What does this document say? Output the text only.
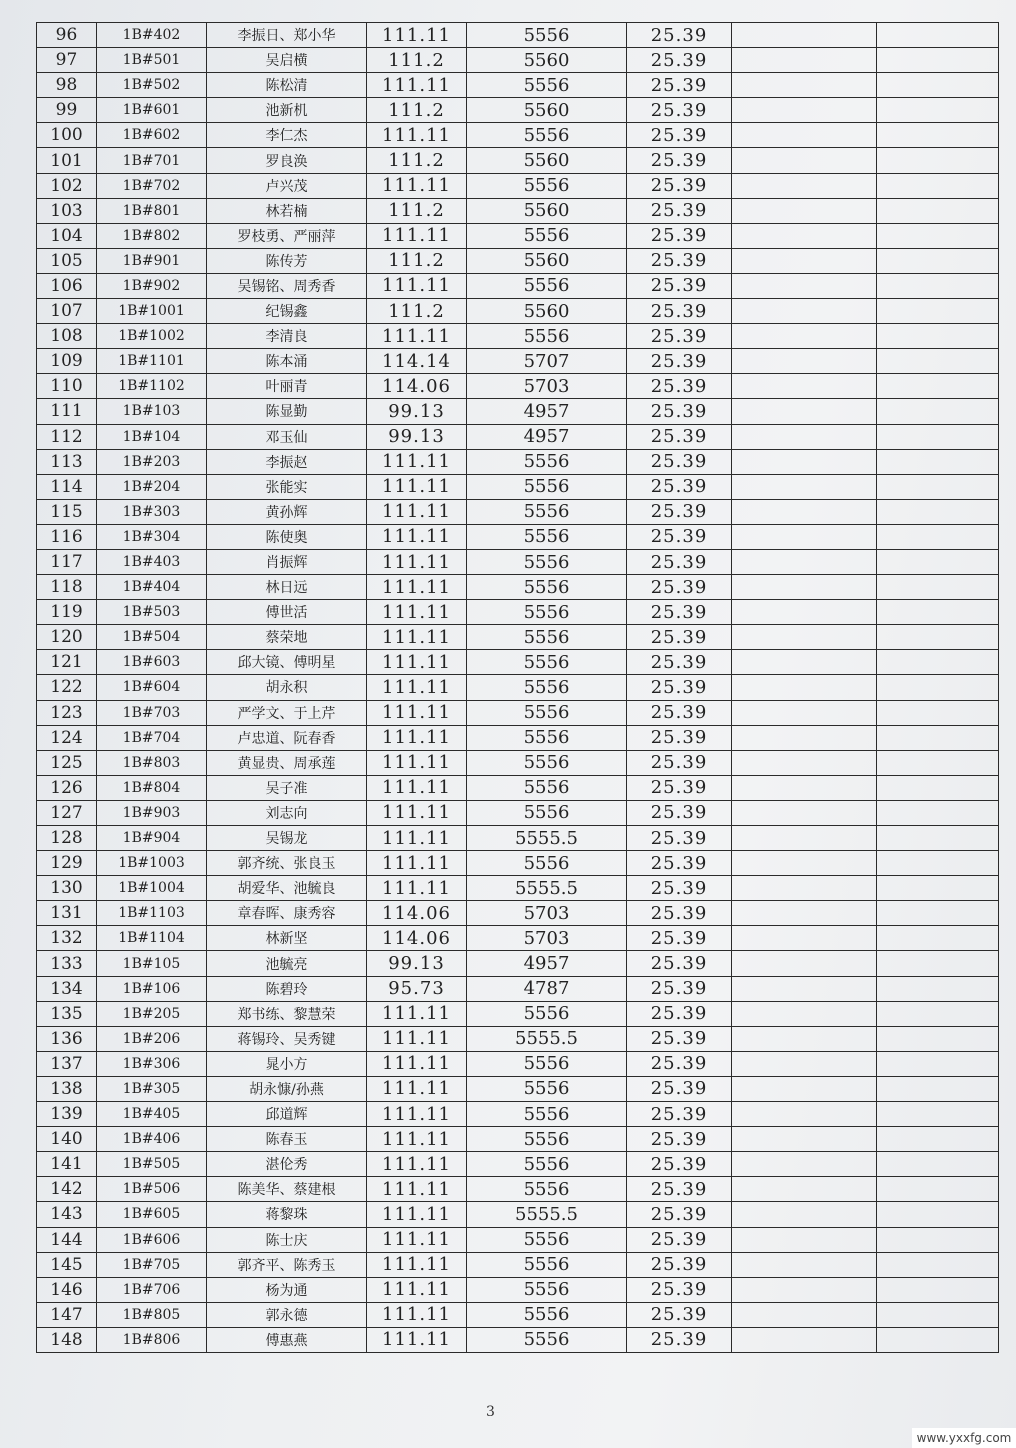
96	1B#402	李振日、郑小华	111.11	5556	25.39		
97	1B#501	吴启横	111.2	5560	25.39		
98	1B#502	陈松清	111.11	5556	25.39		
99	1B#601	池新机	111.2	5560	25.39		
100	1B#602	李仁杰	111.11	5556	25.39		
101	1B#701	罗良涣	111.2	5560	25.39		
102	1B#702	卢兴茂	111.11	5556	25.39		
103	1B#801	林若楠	111.2	5560	25.39		
104	1B#802	罗枝勇、严丽萍	111.11	5556	25.39		
105	1B#901	陈传芳	111.2	5560	25.39		
106	1B#902	吴锡铭、周秀香	111.11	5556	25.39		
107	1B#1001	纪锡鑫	111.2	5560	25.39		
108	1B#1002	李清良	111.11	5556	25.39		
109	1B#1101	陈本涌	114.14	5707	25.39		
110	1B#1102	叶丽青	114.06	5703	25.39		
111	1B#103	陈显勤	99.13	4957	25.39		
112	1B#104	邓玉仙	99.13	4957	25.39		
113	1B#203	李振赵	111.11	5556	25.39		
114	1B#204	张能实	111.11	5556	25.39		
115	1B#303	黄孙辉	111.11	5556	25.39		
116	1B#304	陈使奥	111.11	5556	25.39		
117	1B#403	肖振辉	111.11	5556	25.39		
118	1B#404	林日远	111.11	5556	25.39		
119	1B#503	傅世活	111.11	5556	25.39		
120	1B#504	蔡荣地	111.11	5556	25.39		
121	1B#603	邱大镜、傅明星	111.11	5556	25.39		
122	1B#604	胡永积	111.11	5556	25.39		
123	1B#703	严学文、于上芹	111.11	5556	25.39		
124	1B#704	卢忠道、阮春香	111.11	5556	25.39		
125	1B#803	黄显贵、周承莲	111.11	5556	25.39		
126	1B#804	吴子准	111.11	5556	25.39		
127	1B#903	刘志向	111.11	5556	25.39		
128	1B#904	吴锡龙	111.11	5555.5	25.39		
129	1B#1003	郭齐统、张良玉	111.11	5556	25.39		
130	1B#1004	胡爱华、池毓良	111.11	5555.5	25.39		
131	1B#1103	章春晖、康秀容	114.06	5703	25.39		
132	1B#1104	林新坚	114.06	5703	25.39		
133	1B#105	池毓亮	99.13	4957	25.39		
134	1B#106	陈碧玲	95.73	4787	25.39		
135	1B#205	郑书练、黎慧荣	111.11	5556	25.39		
136	1B#206	蒋锡玲、吴秀键	111.11	5555.5	25.39		
137	1B#306	晁小方	111.11	5556	25.39		
138	1B#305	胡永慷/孙燕	111.11	5556	25.39		
139	1B#405	邱道辉	111.11	5556	25.39		
140	1B#406	陈春玉	111.11	5556	25.39		
141	1B#505	湛伦秀	111.11	5556	25.39		
142	1B#506	陈美华、蔡建根	111.11	5556	25.39		
143	1B#605	蒋黎珠	111.11	5555.5	25.39		
144	1B#606	陈士庆	111.11	5556	25.39		
145	1B#705	郭齐平、陈秀玉	111.11	5556	25.39		
146	1B#706	杨为通	111.11	5556	25.39		
147	1B#805	郭永德	111.11	5556	25.39		
148	1B#806	傅惠燕	111.11	5556	25.39		
3
www.yxxfg.com
